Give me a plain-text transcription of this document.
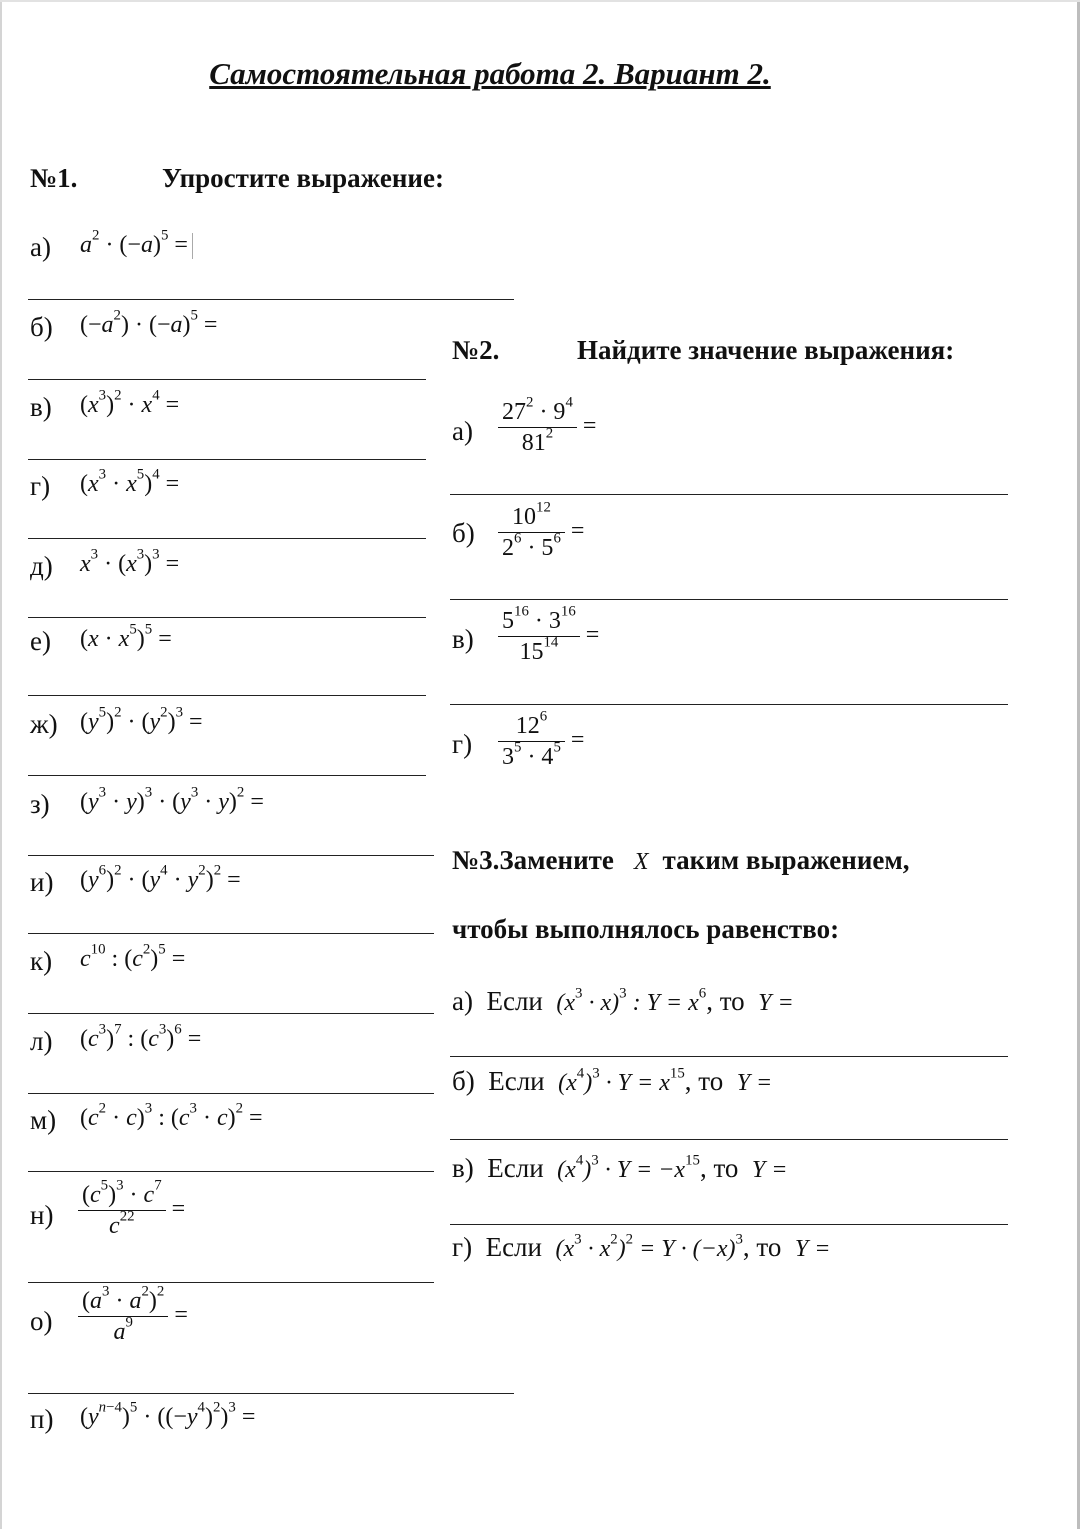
Самостоятельная работа 2. Вариант 2.
№1.	Упростите выражение:
а) $a^2 \cdot (-a)^5$ =
б) $(-a^2) \cdot (-a)^5$ =
в) $(x^3)^2 \cdot x^4$ =
г) $(x^3 \cdot x^5)^4$ =
д) $x^3 \cdot (x^3)^3$ =
е) $(x \cdot x^5)^5$ =
ж) $(y^5)^2 \cdot (y^2)^3$ =
з) $(y^3 \cdot y)^3 \cdot (y^3 \cdot y)^2$ =
и) $(y^6)^2 \cdot (y^4 \cdot y^2)^2$ =
к) $c^{10}$ : $(c^2)^5$ =
л) $(c^3)^7$ : $(c^3)^6$ =
м) $(c^2 \cdot c)^3$ : $(c^3 \cdot c)^2$ =
$н) \frac{(c^5)^3 \cdot c^7}{c^{22}}$ =
$о) \frac{(a^3 \cdot a^2)^2}{a^9}$ =
п) $(y^{n-4})^5 \cdot ((-y^4)^2)^3$ =
№2.	Найдите значение выражения:
$а) \frac{27^2 \cdot 9^4}{81^2}$ =
$б) \frac{10^{12}}{2^6 \cdot 5^6}$ =
$в) \frac{5^{16} \cdot 3^{16}}{15^{14}}$ =
$г) \frac{12^6}{3^5 \cdot 4^5}$ =
№3.Замените X таким выражением,
чтобы выполнялось равенство:
а) Если $(x^3 \cdot x)^3$ : $Y = x^6$, то Y =
б) Если $(x^4)^3 \cdot Y = x^{15}$, то Y =
в) Если $(x^4)^3 \cdot Y = -x^{15}$, то Y =
г) Если $(x^3 \cdot x^2)^2 = Y \cdot (-x)^3$, то Y =
